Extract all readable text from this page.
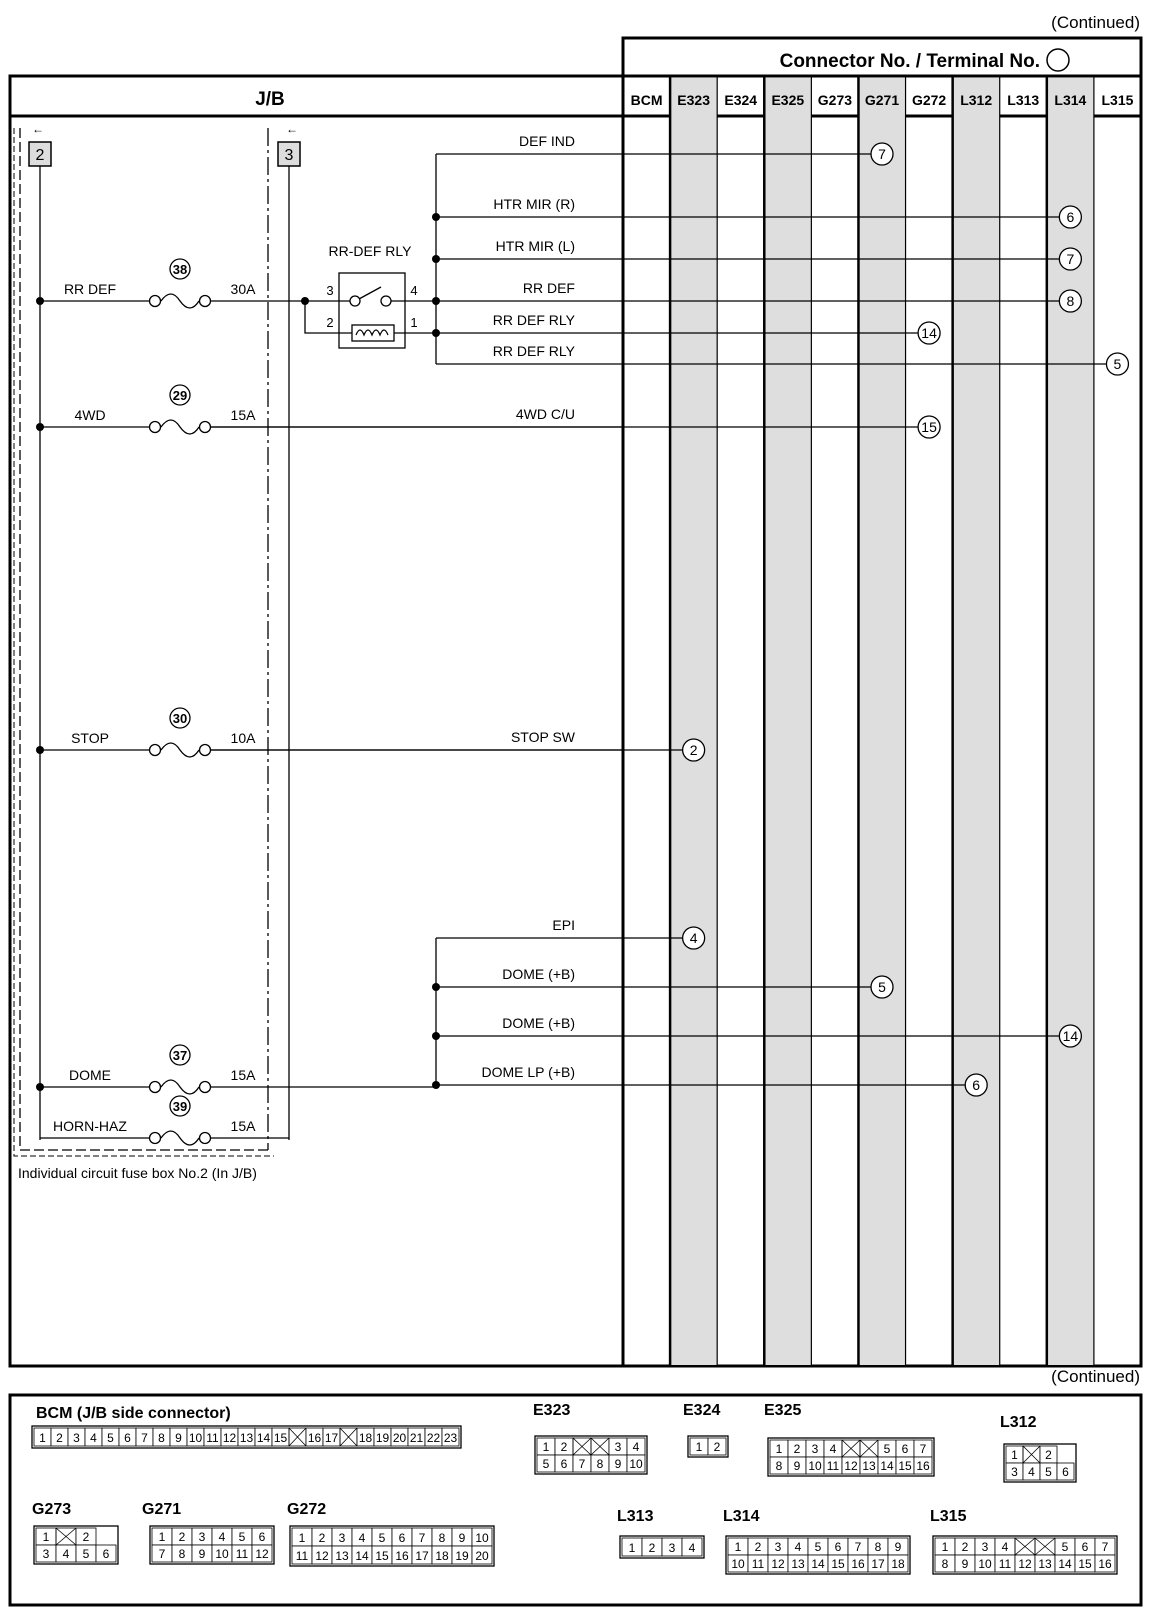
(Continued)
Connector No. / Terminal No.
J/B	BCM E323 E324 E325 G273 G271 G272 L312 L313 L314 L315
Individual circuit fuse box No.2 (In J/B)
←
2
←
3
RR DEF
38
30A
4WD
29
15A
STOP
30
10A
DOME
37
15A
HORN-HAZ
39
15A
RR-DEF RLY
3	4
2	1
DEF IND
7
HTR MIR (R)
6
HTR MIR (L)
7
RR DEF
8
RR DEF RLY
14
RR DEF RLY
5
4WD C/U
15
STOP SW
2
EPI
4
DOME (+B)
5
DOME (+B)
14
DOME LP (+B)
6
(Continued)
BCM (J/B side connector)
1 2 3 4 5 6 7 8 9 10 11 12 13 14 15 16 17 18 19 20 21 22 23
E323
1 2	3 4
5 6 7 8 9 10
E324
1 2
E325
1 2 3 4	5 6 7
8 9 10 11 12 13 14 15 16
L312
1 2
3 4 5 6
G273
1	2
3 4 5 6
G271
1 2 3 4 5 6
7 8 9 10 11 12
G272
1 2 3 4 5 6 7 8 9 10
11 12 13 14 15 16 17 18 19 20
L313
1 2 3 4
L314
1 2 3 4 5 6 7 8 9
10 11 12 13 14 15 16 17 18
L315
1 2 3 4	5 6 7
8 9 10 11 12 13 14 15 16
